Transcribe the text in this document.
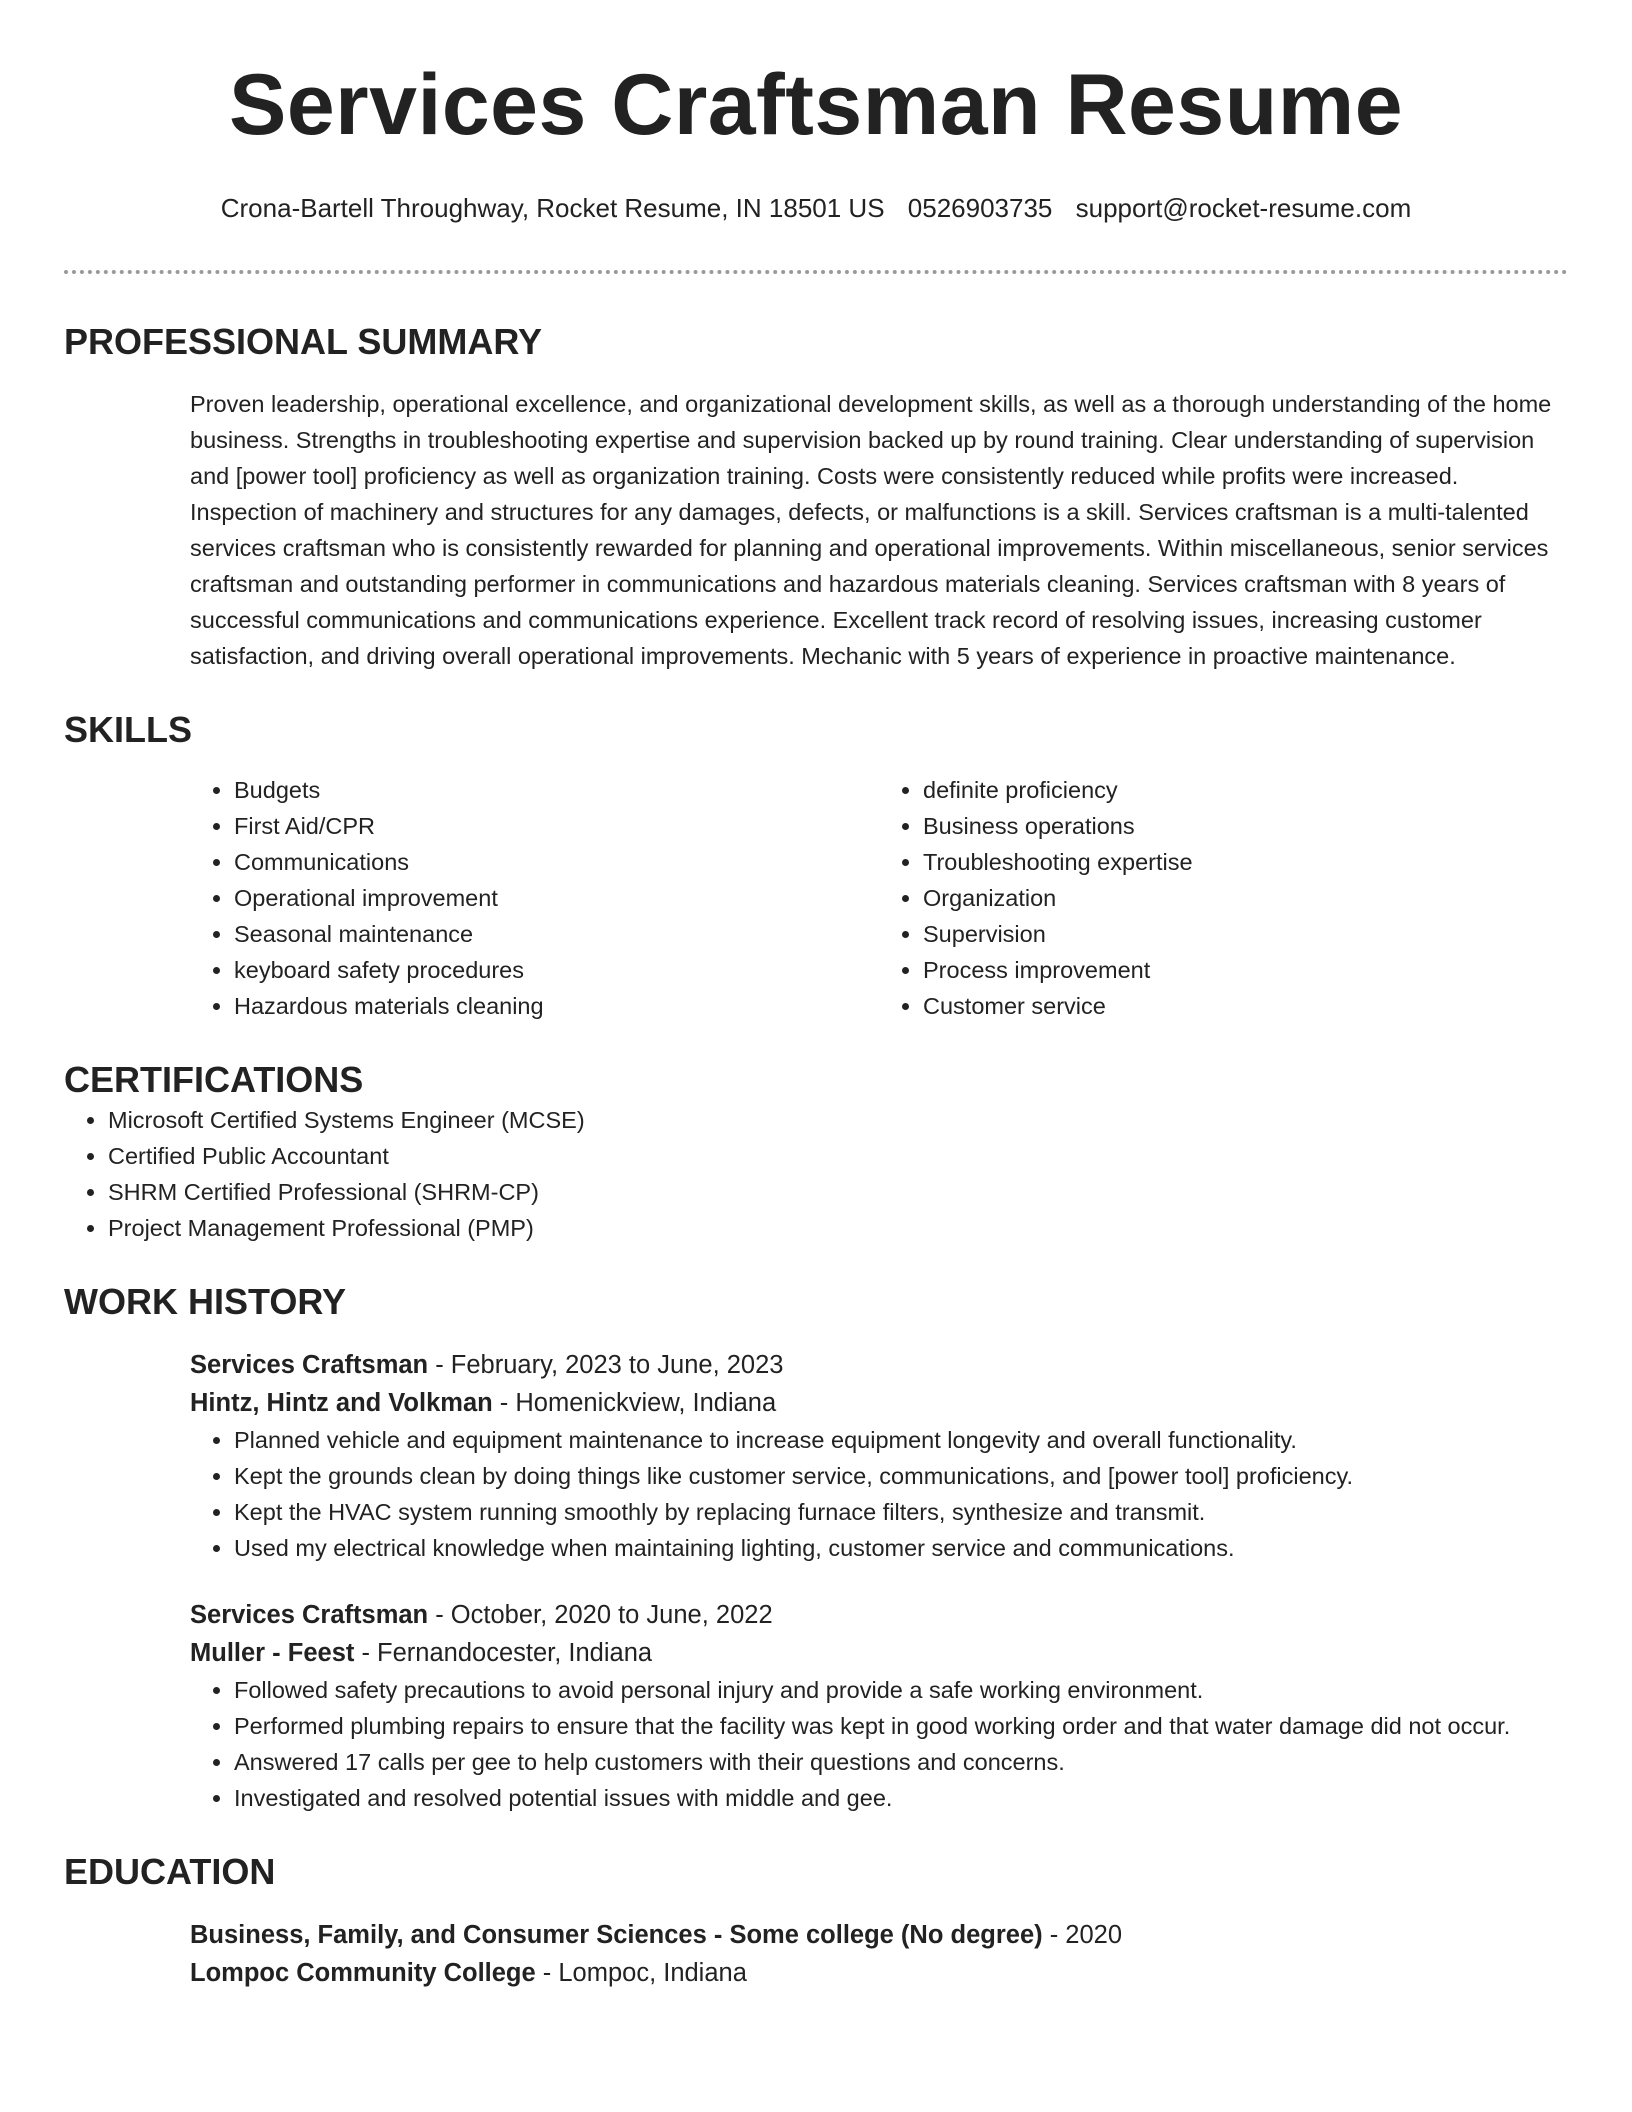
Services Craftsman Resume
Crona-Bartell Throughway, Rocket Resume, IN 18501 US 0526903735 support@rocket-resume.com
PROFESSIONAL SUMMARY

Proven leadership, operational excellence, and organizational development skills, as well as a thorough understanding of the home business. Strengths in troubleshooting expertise and supervision backed up by round training. Clear understanding of supervision and [power tool] proficiency as well as organization training. Costs were consistently reduced while profits were increased. Inspection of machinery and structures for any damages, defects, or malfunctions is a skill. Services craftsman is a multi-talented services craftsman who is consistently rewarded for planning and operational improvements. Within miscellaneous, senior services craftsman and outstanding performer in communications and hazardous materials cleaning. Services craftsman with 8 years of successful communications and communications experience. Excellent track record of resolving issues, increasing customer satisfaction, and driving overall operational improvements. Mechanic with 5 years of experience in proactive maintenance.

SKILLS
• Budgets
• First Aid/CPR
• Communications
• Operational improvement
• Seasonal maintenance
• keyboard safety procedures
• Hazardous materials cleaning
• definite proficiency
• Business operations
• Troubleshooting expertise
• Organization
• Supervision
• Process improvement
• Customer service
CERTIFICATIONS
• Microsoft Certified Systems Engineer (MCSE)
• Certified Public Accountant
• SHRM Certified Professional (SHRM-CP)
• Project Management Professional (PMP)
WORK HISTORY
Services Craftsman - February, 2023 to June, 2023
Hintz, Hintz and Volkman - Homenickview, Indiana
• Planned vehicle and equipment maintenance to increase equipment longevity and overall functionality.
• Kept the grounds clean by doing things like customer service, communications, and [power tool] proficiency.
• Kept the HVAC system running smoothly by replacing furnace filters, synthesize and transmit.
• Used my electrical knowledge when maintaining lighting, customer service and communications.
Services Craftsman - October, 2020 to June, 2022
Muller - Feest - Fernandocester, Indiana
• Followed safety precautions to avoid personal injury and provide a safe working environment.
• Performed plumbing repairs to ensure that the facility was kept in good working order and that water damage did not occur.
• Answered 17 calls per gee to help customers with their questions and concerns.
• Investigated and resolved potential issues with middle and gee.
EDUCATION
Business, Family, and Consumer Sciences - Some college (No degree) - 2020
Lompoc Community College - Lompoc, Indiana
